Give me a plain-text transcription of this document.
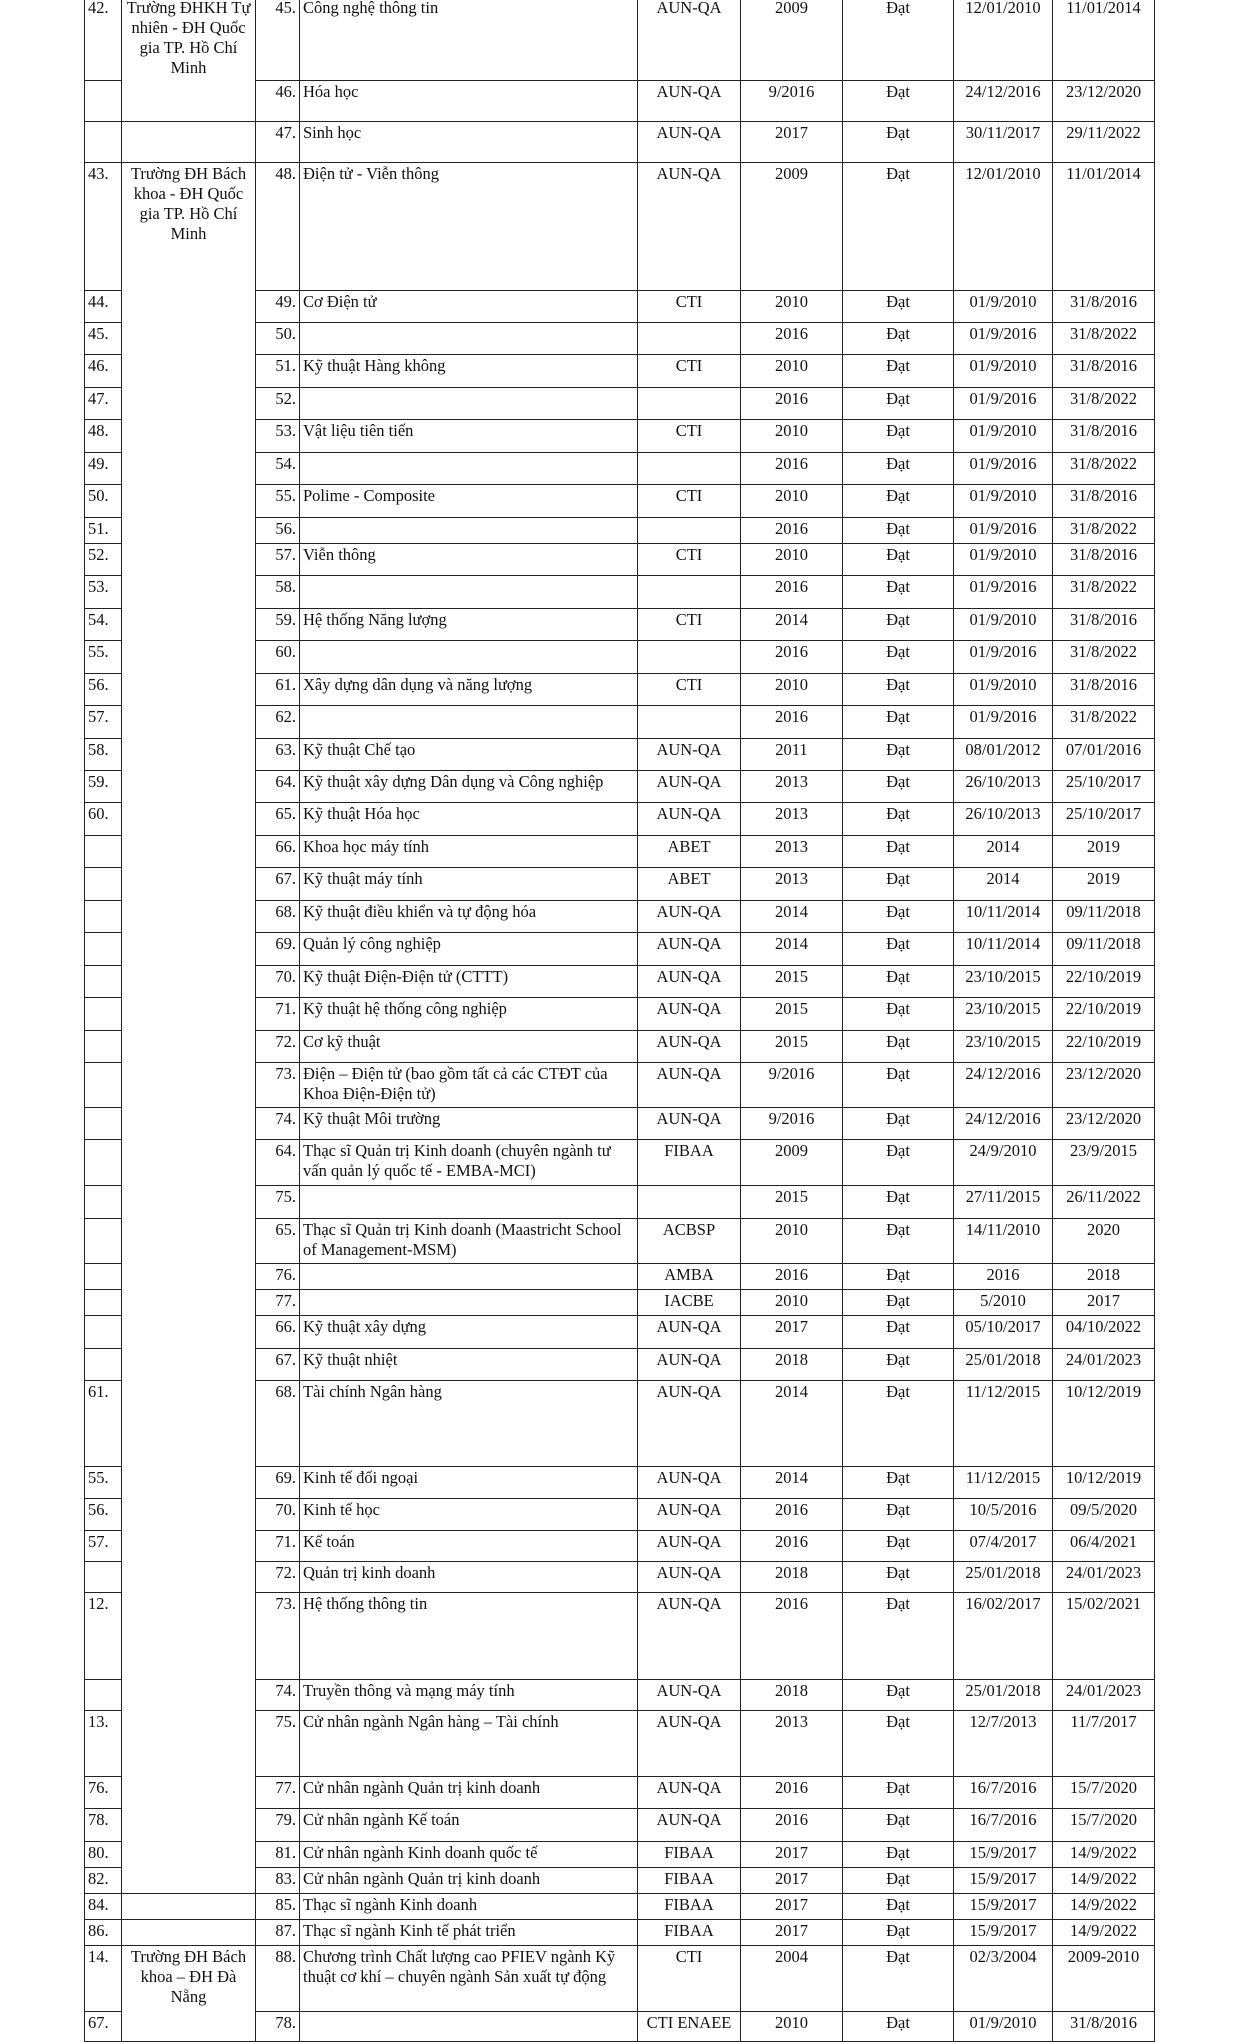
42.	Trường ĐHKH Tự nhiên - ĐH Quốc gia TP. Hồ Chí Minh	45.	Công nghệ thông tin	AUN-QA	2009	Đạt	12/01/2010	11/01/2014
		46.	Hóa học	AUN-QA	9/2016	Đạt	24/12/2016	23/12/2020
		47.	Sinh học	AUN-QA	2017	Đạt	30/11/2017	29/11/2022
43.	Trường ĐH Bách khoa - ĐH Quốc gia TP. Hồ Chí Minh	48.	Điện tử - Viễn thông	AUN-QA	2009	Đạt	12/01/2010	11/01/2014
44.		49.	Cơ Điện tử	CTI	2010	Đạt	01/9/2010	31/8/2016
45.		50.			2016	Đạt	01/9/2016	31/8/2022
46.		51.	Kỹ thuật Hàng không	CTI	2010	Đạt	01/9/2010	31/8/2016
47.		52.			2016	Đạt	01/9/2016	31/8/2022
48.		53.	Vật liệu tiên tiến	CTI	2010	Đạt	01/9/2010	31/8/2016
49.		54.			2016	Đạt	01/9/2016	31/8/2022
50.		55.	Polime - Composite	CTI	2010	Đạt	01/9/2010	31/8/2016
51.		56.			2016	Đạt	01/9/2016	31/8/2022
52.		57.	Viễn thông	CTI	2010	Đạt	01/9/2010	31/8/2016
53.		58.			2016	Đạt	01/9/2016	31/8/2022
54.		59.	Hệ thống Năng lượng	CTI	2014	Đạt	01/9/2010	31/8/2016
55.		60.			2016	Đạt	01/9/2016	31/8/2022
56.		61.	Xây dựng dân dụng và năng lượng	CTI	2010	Đạt	01/9/2010	31/8/2016
57.		62.			2016	Đạt	01/9/2016	31/8/2022
58.		63.	Kỹ thuật Chế tạo	AUN-QA	2011	Đạt	08/01/2012	07/01/2016
59.		64.	Kỹ thuật xây dựng Dân dụng và Công nghiệp	AUN-QA	2013	Đạt	26/10/2013	25/10/2017
60.		65.	Kỹ thuật Hóa học	AUN-QA	2013	Đạt	26/10/2013	25/10/2017
		66.	Khoa học máy tính	ABET	2013	Đạt	2014	2019
		67.	Kỹ thuật máy tính	ABET	2013	Đạt	2014	2019
		68.	Kỹ thuật điều khiển và tự động hóa	AUN-QA	2014	Đạt	10/11/2014	09/11/2018
		69.	Quản lý công nghiệp	AUN-QA	2014	Đạt	10/11/2014	09/11/2018
		70.	Kỹ thuật Điện-Điện tử (CTTT)	AUN-QA	2015	Đạt	23/10/2015	22/10/2019
		71.	Kỹ thuật hệ thống công nghiệp	AUN-QA	2015	Đạt	23/10/2015	22/10/2019
		72.	Cơ kỹ thuật	AUN-QA	2015	Đạt	23/10/2015	22/10/2019
		73.	Điện – Điện tử (bao gồm tất cả các CTĐT của Khoa Điện-Điện tử)	AUN-QA	9/2016	Đạt	24/12/2016	23/12/2020
		74.	Kỹ thuật Môi trường	AUN-QA	9/2016	Đạt	24/12/2016	23/12/2020
		64.	Thạc sĩ Quản trị Kinh doanh (chuyên ngành tư vấn quản lý quốc tế - EMBA-MCI)	FIBAA	2009	Đạt	24/9/2010	23/9/2015
		75.			2015	Đạt	27/11/2015	26/11/2022
		65.	Thạc sĩ Quản trị Kinh doanh (Maastricht School of Management-MSM)	ACBSP	2010	Đạt	14/11/2010	2020
		76.		AMBA	2016	Đạt	2016	2018
		77.		IACBE	2010	Đạt	5/2010	2017
		66.	Kỹ thuật xây dựng	AUN-QA	2017	Đạt	05/10/2017	04/10/2022
		67.	Kỹ thuật nhiệt	AUN-QA	2018	Đạt	25/01/2018	24/01/2023
61.		68.	Tài chính Ngân hàng	AUN-QA	2014	Đạt	11/12/2015	10/12/2019
55.		69.	Kinh tế đối ngoại	AUN-QA	2014	Đạt	11/12/2015	10/12/2019
56.		70.	Kinh tế học	AUN-QA	2016	Đạt	10/5/2016	09/5/2020
57.		71.	Kế toán	AUN-QA	2016	Đạt	07/4/2017	06/4/2021
		72.	Quản trị kinh doanh	AUN-QA	2018	Đạt	25/01/2018	24/01/2023
12.		73.	Hệ thống thông tin	AUN-QA	2016	Đạt	16/02/2017	15/02/2021
		74.	Truyền thông và mạng máy tính	AUN-QA	2018	Đạt	25/01/2018	24/01/2023
13.		75.	Cử nhân ngành Ngân hàng – Tài chính	AUN-QA	2013	Đạt	12/7/2013	11/7/2017
76.		77.	Cử nhân ngành Quản trị kinh doanh	AUN-QA	2016	Đạt	16/7/2016	15/7/2020
78.		79.	Cử nhân ngành Kế toán	AUN-QA	2016	Đạt	16/7/2016	15/7/2020
80.		81.	Cử nhân ngành Kinh doanh quốc tế	FIBAA	2017	Đạt	15/9/2017	14/9/2022
82.		83.	Cử nhân ngành Quản trị kinh doanh	FIBAA	2017	Đạt	15/9/2017	14/9/2022
84.		85.	Thạc sĩ ngành Kinh doanh	FIBAA	2017	Đạt	15/9/2017	14/9/2022
86.		87.	Thạc sĩ ngành Kinh tế phát triển	FIBAA	2017	Đạt	15/9/2017	14/9/2022
14.	Trường ĐH Bách khoa – ĐH Đà Nẵng	88.	Chương trình Chất lượng cao PFIEV ngành Kỹ thuật cơ khí – chuyên ngành Sản xuất tự động	CTI	2004	Đạt	02/3/2004	2009-2010
67.		78.		CTI ENAEE	2010	Đạt	01/9/2010	31/8/2016
